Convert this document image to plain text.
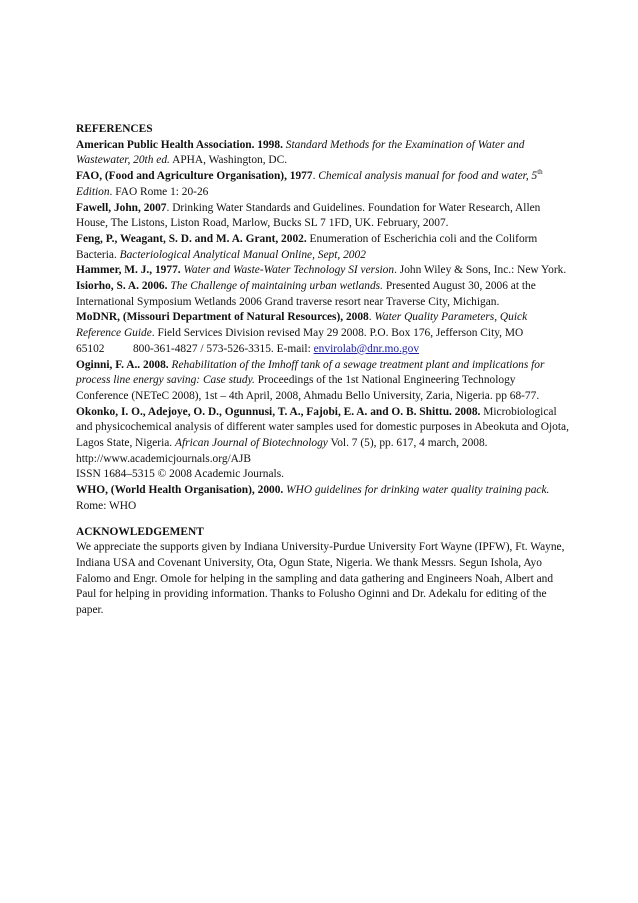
REFERENCES

American Public Health Association. 1998. Standard Methods for the Examination of Water and Wastewater, 20th ed. APHA, Washington, DC.

FAO, (Food and Agriculture Organisation), 1977. Chemical analysis manual for food and water, 5th Edition. FAO Rome 1: 20-26

Fawell, John, 2007. Drinking Water Standards and Guidelines. Foundation for Water Research, Allen House, The Listons, Liston Road, Marlow, Bucks SL 7 1FD, UK. February, 2007.

Feng, P., Weagant, S. D. and M. A. Grant, 2002. Enumeration of Escherichia coli and the Coliform Bacteria. Bacteriological Analytical Manual Online, Sept, 2002

Hammer, M. J., 1977. Water and Waste-Water Technology SI version. John Wiley & Sons, Inc.: New York.

Isiorho, S. A. 2006. The Challenge of maintaining urban wetlands. Presented August 30, 2006 at the International Symposium Wetlands 2006 Grand traverse resort near Traverse City, Michigan.

MoDNR, (Missouri Department of Natural Resources), 2008. Water Quality Parameters, Quick Reference Guide. Field Services Division revised May 29 2008. P.O. Box 176, Jefferson City, MO 65102 800-361-4827 / 573-526-3315. E-mail: envirolab@dnr.mo.gov

Oginni, F. A.. 2008. Rehabilitation of the Imhoff tank of a sewage treatment plant and implications for process line energy saving: Case study. Proceedings of the 1st National Engineering Technology Conference (NETeC 2008), 1st – 4th April, 2008, Ahmadu Bello University, Zaria, Nigeria. pp 68-77.

Okonko, I. O., Adejoye, O. D., Ogunnusi, T. A., Fajobi, E. A. and O. B. Shittu. 2008. Microbiological and physicochemical analysis of different water samples used for domestic purposes in Abeokuta and Ojota, Lagos State, Nigeria. African Journal of Biotechnology Vol. 7 (5), pp. 617, 4 march, 2008. http://www.academicjournals.org/AJB
ISSN 1684–5315 © 2008 Academic Journals.

WHO, (World Health Organisation), 2000. WHO guidelines for drinking water quality training pack. Rome: WHO

ACKNOWLEDGEMENT

We appreciate the supports given by Indiana University-Purdue University Fort Wayne (IPFW), Ft. Wayne, Indiana USA and Covenant University, Ota, Ogun State, Nigeria. We thank Messrs. Segun Ishola, Ayo Falomo and Engr. Omole for helping in the sampling and data gathering and Engineers Noah, Albert and Paul for helping in providing information. Thanks to Folusho Oginni and Dr. Adekalu for editing of the paper.
